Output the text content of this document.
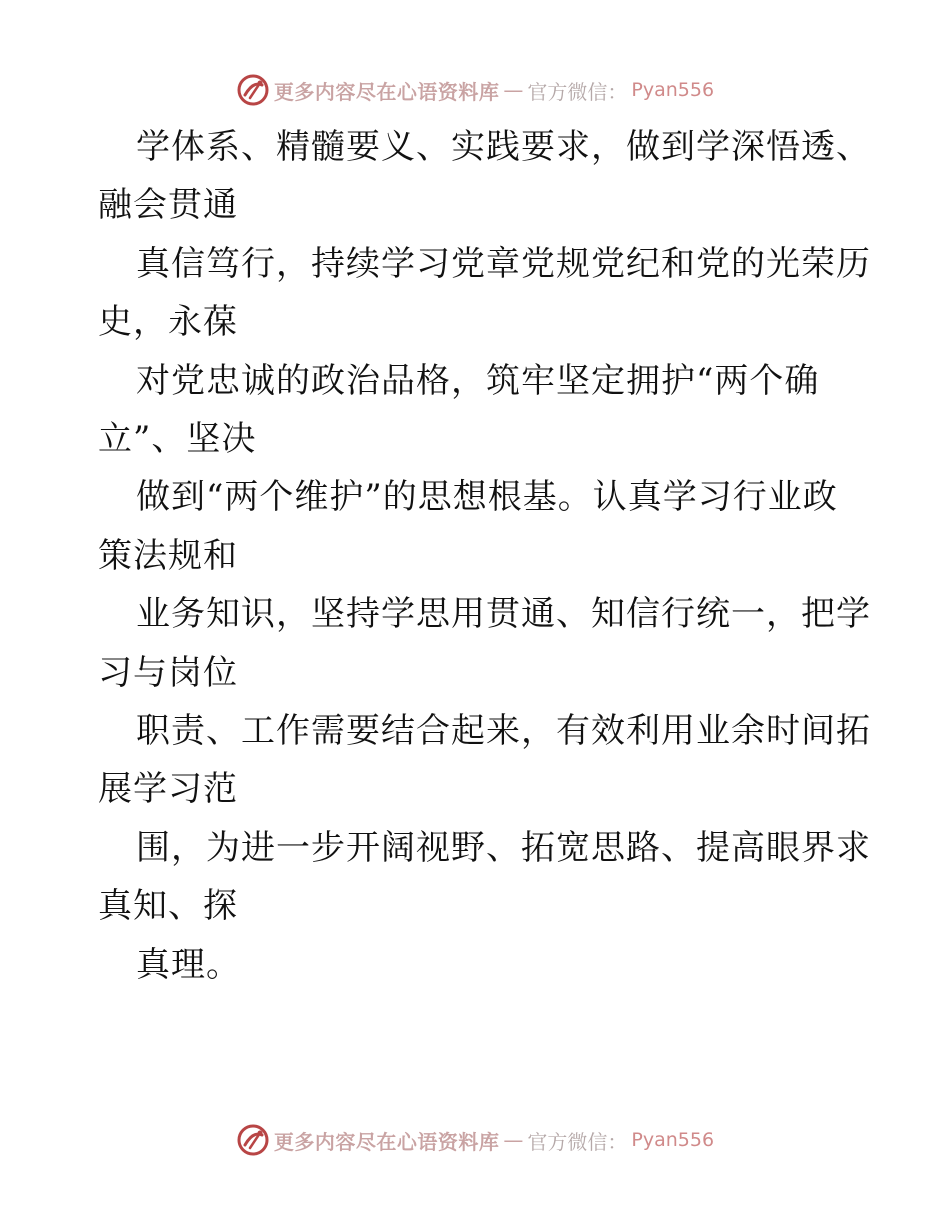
更多内容尽在心语资料库 — 官方微信： Pyan556
学体系、精髓要义、实践要求，做到学深悟透、
融会贯通
真信笃行，持续学习党章党规党纪和党的光荣历
史，永葆
对党忠诚的政治品格，筑牢坚定拥护“两个确
立”、坚决
做到“两个维护”的思想根基。认真学习行业政
策法规和
业务知识，坚持学思用贯通、知信行统一，把学
习与岗位
职责、工作需要结合起来，有效利用业余时间拓
展学习范
围，为进一步开阔视野、拓宽思路、提高眼界求
真知、探
真理。
更多内容尽在心语资料库 — 官方微信： Pyan556
